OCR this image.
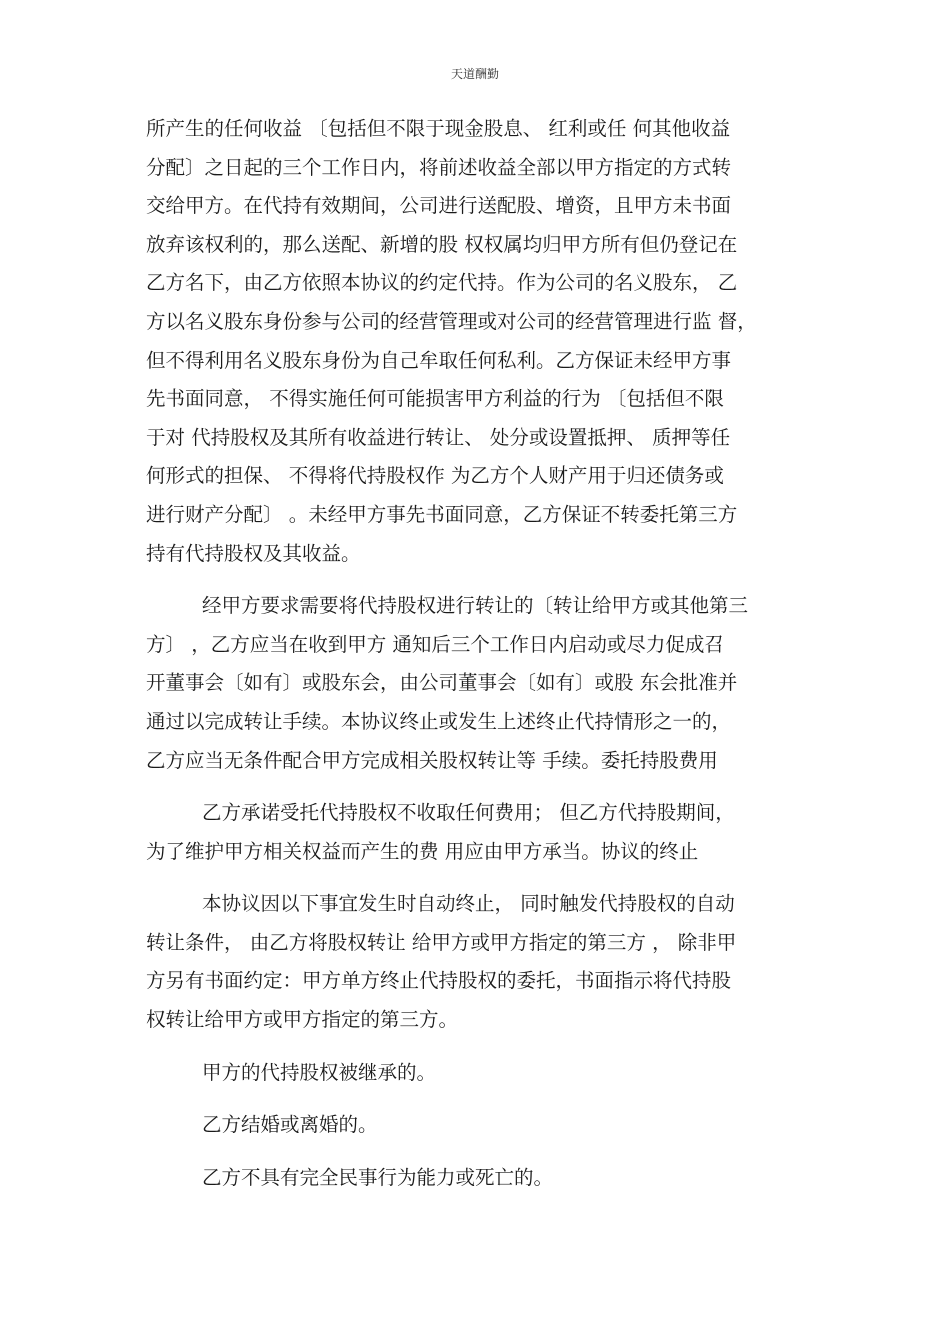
天道酬勤
所产生的任何收益 〔包括但不限于现金股息、 红利或任 何其他收益
分配〕之日起的三个工作日内，将前述收益全部以甲方指定的方式转
交给甲方。在代持有效期间，公司进行送配股、增资，且甲方未书面
放弃该权利的，那么送配、新增的股 权权属均归甲方所有但仍登记在
乙方名下，由乙方依照本协议的约定代持。作为公司的名义股东， 乙
方以名义股东身份参与公司的经营管理或对公司的经营管理进行监 督，
但不得利用名义股东身份为自己牟取任何私利。乙方保证未经甲方事
先书面同意， 不得实施任何可能损害甲方利益的行为 〔包括但不限
于对 代持股权及其所有收益进行转让、 处分或设置抵押、 质押等任
何形式的担保、 不得将代持股权作 为乙方个人财产用于归还债务或
进行财产分配〕 。未经甲方事先书面同意，乙方保证不转委托第三方
持有代持股权及其收益。
经甲方要求需要将代持股权进行转让的〔转让给甲方或其他第三
方〕 ，乙方应当在收到甲方 通知后三个工作日内启动或尽力促成召
开董事会〔如有〕或股东会，由公司董事会〔如有〕或股 东会批准并
通过以完成转让手续。本协议终止或发生上述终止代持情形之一的，
乙方应当无条件配合甲方完成相关股权转让等 手续。委托持股费用
乙方承诺受托代持股权不收取任何费用； 但乙方代持股期间，
为了维护甲方相关权益而产生的费 用应由甲方承当。协议的终止
本协议因以下事宜发生时自动终止， 同时触发代持股权的自动
转让条件， 由乙方将股权转让 给甲方或甲方指定的第三方 ， 除非甲
方另有书面约定：甲方单方终止代持股权的委托，书面指示将代持股
权转让给甲方或甲方指定的第三方。
甲方的代持股权被继承的。
乙方结婚或离婚的。
乙方不具有完全民事行为能力或死亡的。
